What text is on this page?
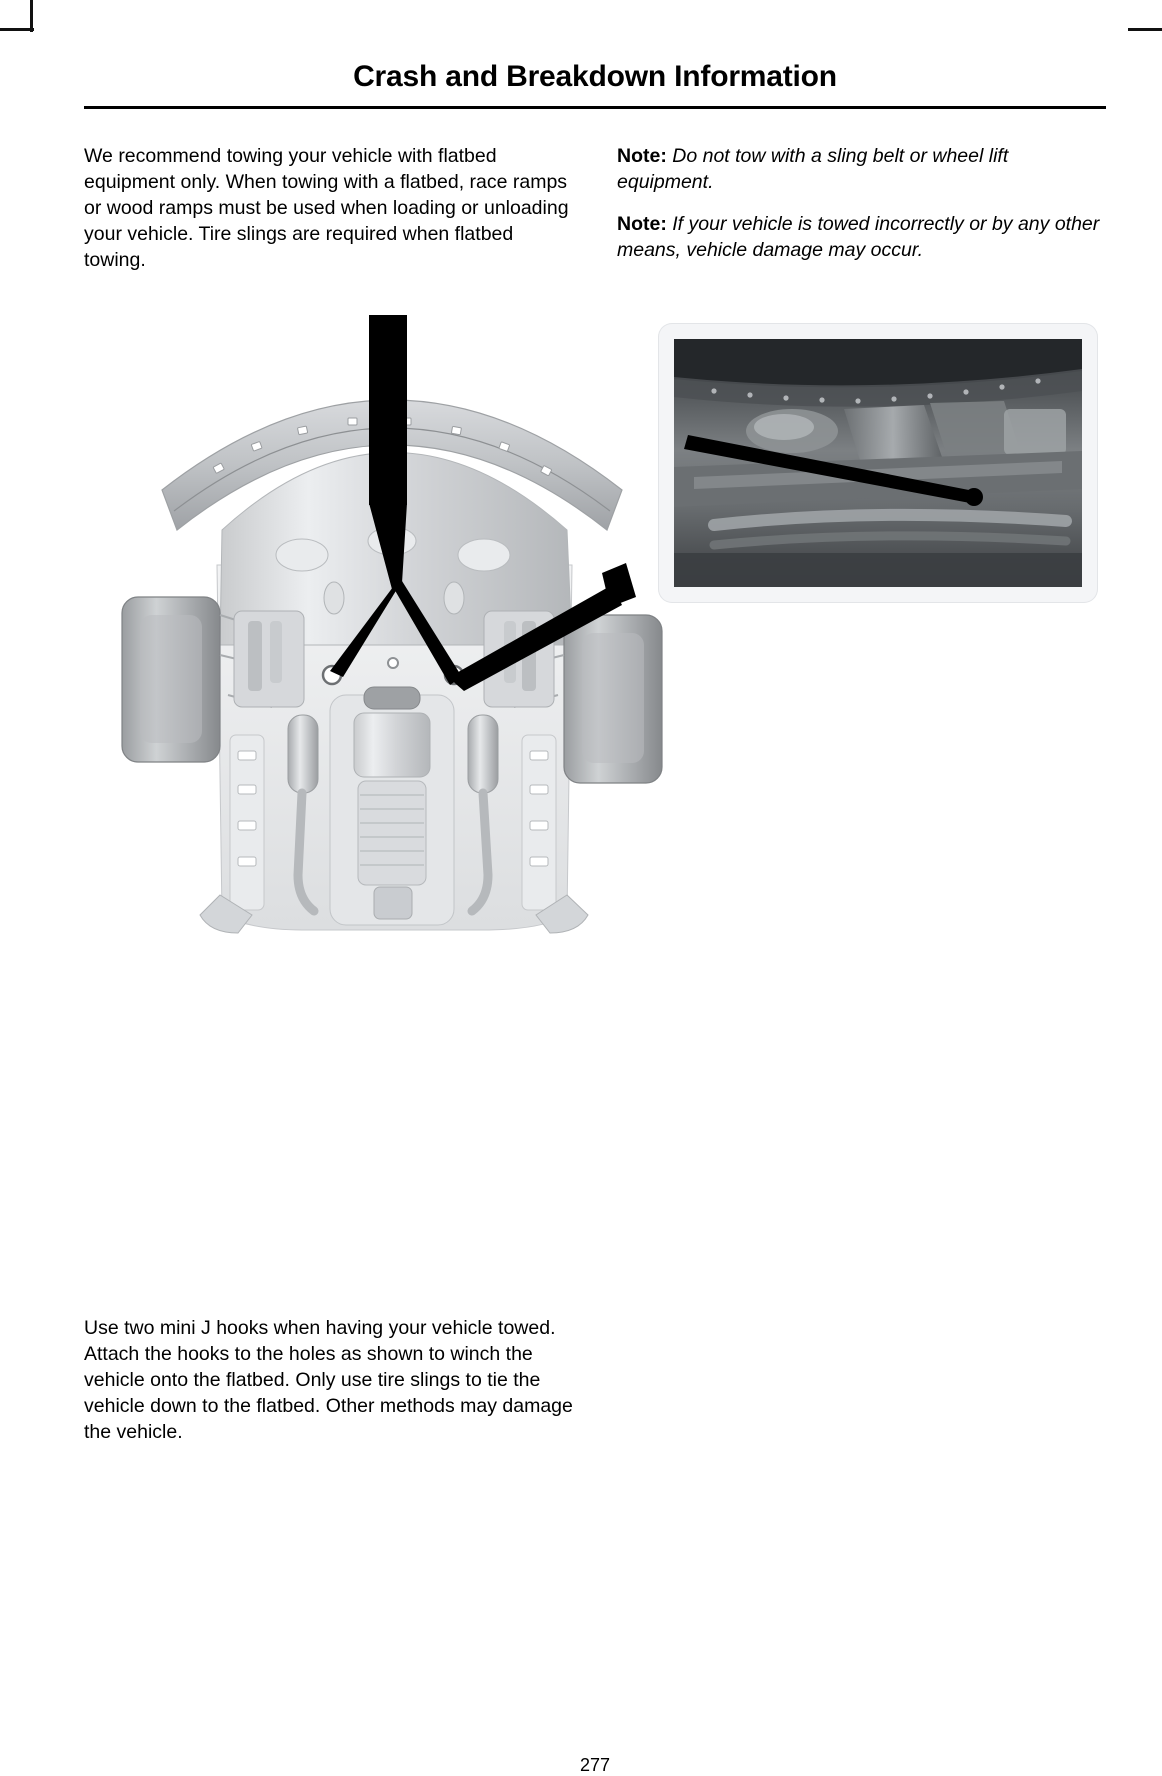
Crash and Breakdown Information

We recommend towing your vehicle with flatbed equipment only. When towing with a flatbed, race ramps or wood ramps must be used when loading or unloading your vehicle. Tire slings are required when flatbed towing.

Note: Do not tow with a sling belt or wheel lift equipment.

Note: If your vehicle is towed incorrectly or by any other means, vehicle damage may occur.

Use two mini J hooks when having your vehicle towed. Attach the hooks to the holes as shown to winch the vehicle onto the flatbed. Only use tire slings to tie the vehicle down to the flatbed. Other methods may damage the vehicle.

277
